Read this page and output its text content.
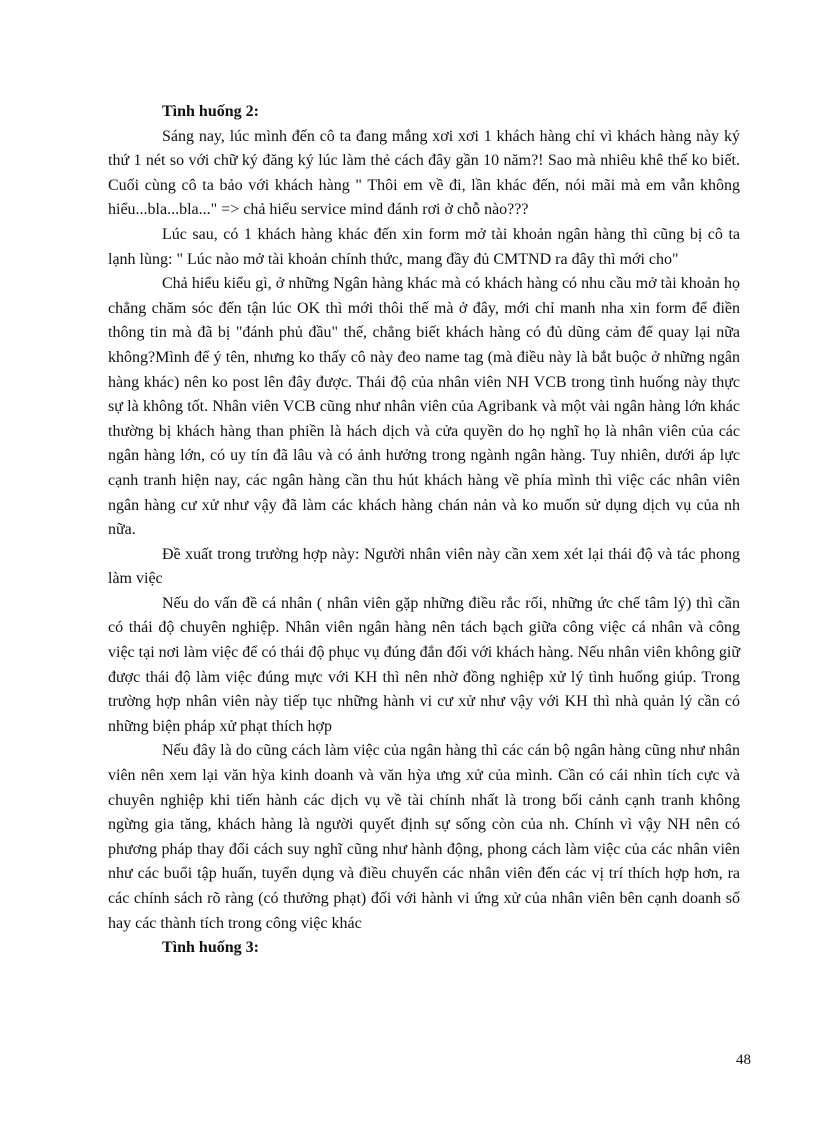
Tình huống 2:

Sáng nay, lúc mình đến cô ta đang mắng xơi xơi 1 khách hàng chỉ vì khách hàng này ký thứ 1 nét so với chữ ký đăng ký lúc làm thẻ cách đây gần 10 năm?! Sao mà nhiêu khê thế ko biết. Cuối cùng cô ta bảo với khách hàng " Thôi em về đi, lần khác đến, nói mãi mà em vẫn không hiểu...bla...bla..." => chả hiểu service mind đánh rơi ở chỗ nào???

Lúc sau, có 1 khách hàng khác đến xin form mở tài khoản ngân hàng thì cũng bị cô ta lạnh lùng: " Lúc nào mở tài khoản chính thức, mang đầy đủ CMTND ra đây thì mới cho"

Chả hiểu kiểu gì, ở những Ngân hàng khác mà có khách hàng có nhu cầu mở tài khoản họ chẳng chăm sóc đến tận lúc OK thì mới thôi thế mà ở đây, mới chỉ manh nha xin form để điền thông tin mà đã bị "đánh phủ đầu" thế, chẳng biết khách hàng có đủ dũng cảm để quay lại nữa không?Mình để ý tên, nhưng ko thấy cô này đeo name tag (mà điều này là bắt buộc ở những ngân hàng khác) nên ko post lên đây được. Thái độ của nhân viên NH VCB trong tình huống này thực sự là không tốt. Nhân viên VCB cũng như nhân viên của Agribank và một vài ngân hàng lớn khác thường bị khách hàng than phiền là hách dịch và cửa quyền do họ nghĩ họ là nhân viên của các ngân hàng lớn, có uy tín đã lâu và có ảnh hưởng trong ngành ngân hàng. Tuy nhiên, dưới áp lực cạnh tranh hiện nay, các ngân hàng cần thu hút khách hàng về phía mình thì việc các nhân viên ngân hàng cư xử như vậy đã làm các khách hàng chán nản và ko muốn sử dụng dịch vụ của nh nữa.

Đề xuất trong trường hợp này: Người nhân viên này cần xem xét lại thái độ và tác phong làm việc

Nếu do vấn đề cá nhân ( nhân viên gặp những điều rắc rối, những ức chế tâm lý) thì cần có thái độ chuyên nghiệp. Nhân viên ngân hàng nên tách bạch giữa công việc cá nhân và công việc tại nơi làm việc để có thái độ phục vụ đúng đắn đối với khách hàng. Nếu nhân viên không giữ được thái độ làm việc đúng mực với KH thì nên nhờ đồng nghiệp xử lý tình huống giúp. Trong trường hợp nhân viên này tiếp tục những hành vi cư xử như vậy với KH thì nhà quản lý cần có những biện pháp xử phạt thích hợp

Nếu đây là do cũng cách làm việc của ngân hàng thì các cán bộ ngân hàng cũng như nhân viên nên xem lại văn hỳa kinh doanh và văn hỳa ưng xử của mình. Cần có cái nhìn tích cực và chuyên nghiệp khi tiến hành các dịch vụ về tài chính nhất là trong bối cảnh cạnh tranh không ngừng gia tăng, khách hàng là người quyết định sự sống còn của nh. Chính vì vậy NH nên có phương pháp thay đổi cách suy nghĩ cũng như hành động, phong cách làm việc của các nhân viên như các buổi tập huấn, tuyển dụng và điều chuyển các nhân viên đến các vị trí thích hợp hơn, ra các chính sách rõ ràng (có thưởng phạt) đối với hành vi ứng xử của nhân viên bên cạnh doanh số hay các thành tích trong công việc khác

Tình huống 3:

48
